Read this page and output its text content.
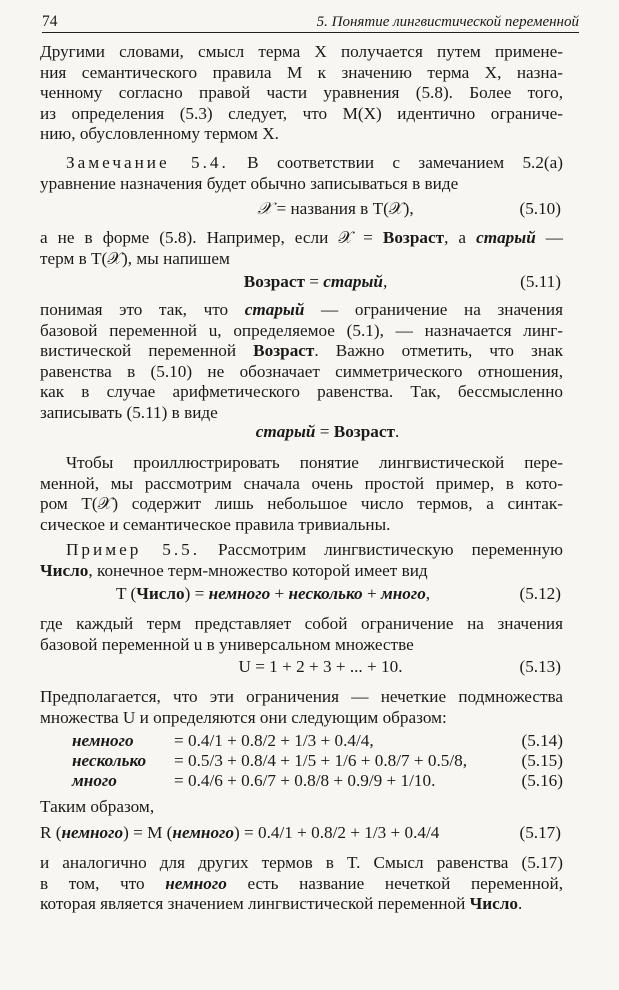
74	5. Понятие лингвистической переменной
Другими словами, смысл терма X получается путем примене-
ния семантического правила M к значению терма X, назна-
ченному согласно правой части уравнения (5.8). Более того,
из определения (5.3) следует, что M(X) идентично ограниче-
нию, обусловленному термом X.
Замечание 5.4. В соответствии с замечанием 5.2(a)
уравнение назначения будет обычно записываться в виде
𝒳 = названия в T(𝒳),	(5.10)
а не в форме (5.8). Например, если 𝒳 = Возраст, а старый —
терм в T(𝒳), мы напишем
Возраст = старый,	(5.11)
понимая это так, что старый — ограничение на значения
базовой переменной u, определяемое (5.1), — назначается линг-
вистической переменной Возраст. Важно отметить, что знак
равенства в (5.10) не обозначает симметрического отношения,
как в случае арифметического равенства. Так, бессмысленно
записывать (5.11) в виде
старый = Возраст.
Чтобы проиллюстрировать понятие лингвистической пере-
менной, мы рассмотрим сначала очень простой пример, в кото-
ром T(𝒳) содержит лишь небольшое число термов, а синтак-
сическое и семантическое правила тривиальны.
Пример 5.5. Рассмотрим лингвистическую переменную
Число, конечное терм-множество которой имеет вид
T (Число) = немного + несколько + много,	(5.12)
где каждый терм представляет собой ограничение на значения
базовой переменной u в универсальном множестве
U = 1 + 2 + 3 + ... + 10.	(5.13)
Предполагается, что эти ограничения — нечеткие подмножества
множества U и определяются они следующим образом:
немного = 0.4/1 + 0.8/2 + 1/3 + 0.4/4,	(5.14)
несколько = 0.5/3 + 0.8/4 + 1/5 + 1/6 + 0.8/7 + 0.5/8,	(5.15)
много	= 0.4/6 + 0.6/7 + 0.8/8 + 0.9/9 + 1/10.	(5.16)
Таким образом,
R (немного) = M (немного) = 0.4/1 + 0.8/2 + 1/3 + 0.4/4	(5.17)
и аналогично для других термов в T. Смысл равенства (5.17)
в том, что немного есть название нечеткой переменной,
которая является значением лингвистической переменной Число.
